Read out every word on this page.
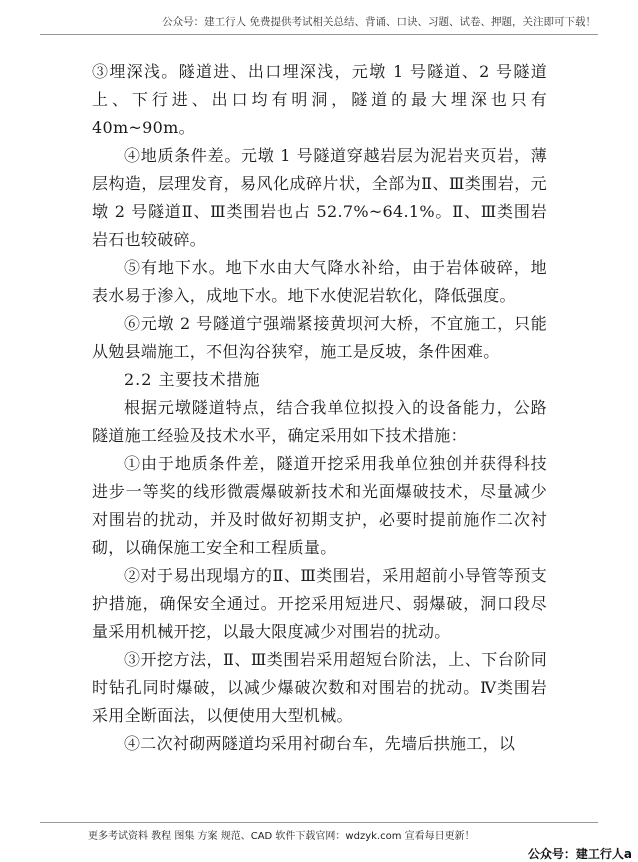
公众号：建工行人 免费提供考试相关总结、背诵、口诀、习题、试卷、押题，关注即可下载！

③埋深浅。隧道进、出口埋深浅，元墩 1 号隧道、2 号隧道上、下行进、出口均有明洞，隧道的最大埋深也只有 40m~90m。

④地质条件差。元墩 1 号隧道穿越岩层为泥岩夹页岩，薄层构造，层理发育，易风化成碎片状，全部为Ⅱ、Ⅲ类围岩，元墩 2 号隧道Ⅱ、Ⅲ类围岩也占 52.7%~64.1%。Ⅱ、Ⅲ类围岩岩石也较破碎。

⑤有地下水。地下水由大气降水补给，由于岩体破碎，地表水易于渗入，成地下水。地下水使泥岩软化，降低强度。

⑥元墩 2 号隧道宁强端紧接黄坝河大桥，不宜施工，只能从勉县端施工，不但沟谷狭窄，施工是反坡，条件困难。

2.2 主要技术措施

根据元墩隧道特点，结合我单位拟投入的设备能力，公路隧道施工经验及技术水平，确定采用如下技术措施：

①由于地质条件差，隧道开挖采用我单位独创并获得科技进步一等奖的线形微震爆破新技术和光面爆破技术，尽量减少对围岩的扰动，并及时做好初期支护，必要时提前施作二次衬砌，以确保施工安全和工程质量。

②对于易出现塌方的Ⅱ、Ⅲ类围岩，采用超前小导管等预支护措施，确保安全通过。开挖采用短进尺、弱爆破，洞口段尽量采用机械开挖，以最大限度减少对围岩的扰动。

③开挖方法，Ⅱ、Ⅲ类围岩采用超短台阶法，上、下台阶同时钻孔同时爆破，以减少爆破次数和对围岩的扰动。Ⅳ类围岩采用全断面法，以便使用大型机械。

④二次衬砌两隧道均采用衬砌台车，先墙后拱施工，以

更多考试资料 教程 图集 方案 规范、CAD 软件下载官网：wdzyk.com 宣看每日更新！
公众号：建工行人a
